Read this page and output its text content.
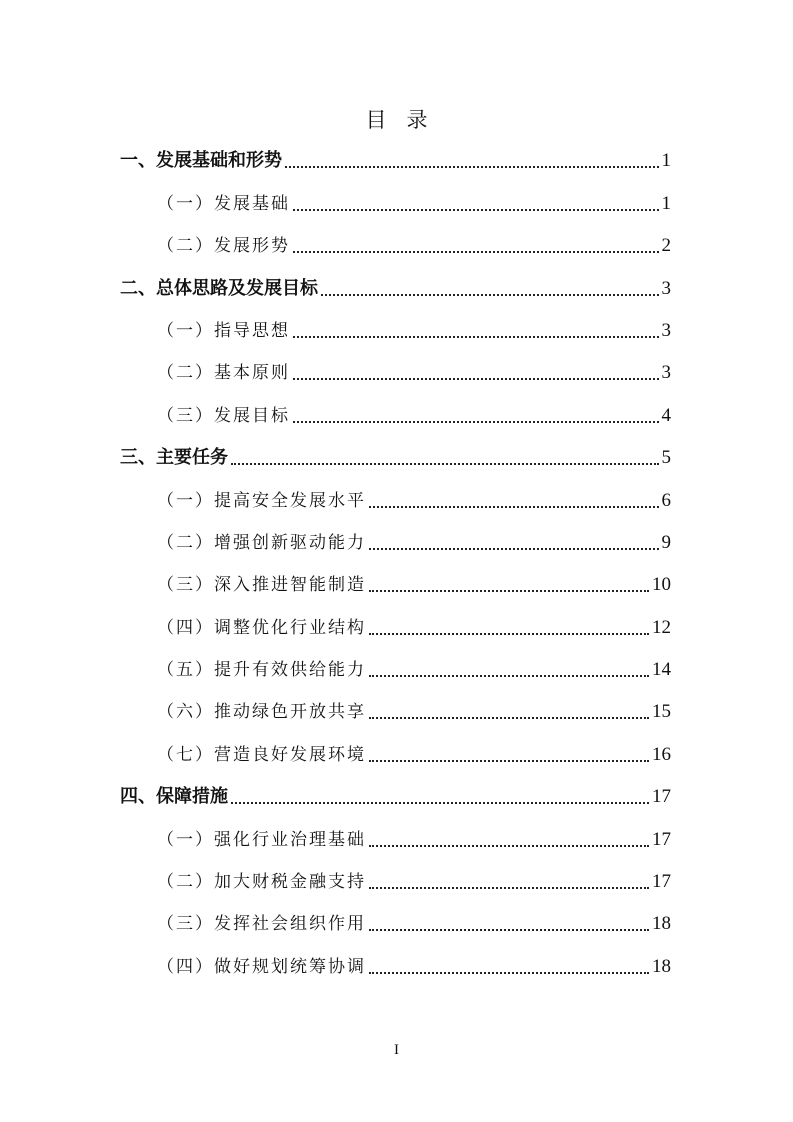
目录
一、发展基础和形势	1
（一）发展基础	1
（二）发展形势	2
二、总体思路及发展目标	3
（一）指导思想	3
（二）基本原则	3
（三）发展目标	4
三、主要任务	5
（一）提高安全发展水平	6
（二）增强创新驱动能力	9
（三）深入推进智能制造	10
（四）调整优化行业结构	12
（五）提升有效供给能力	14
（六）推动绿色开放共享	15
（七）营造良好发展环境	16
四、保障措施	17
（一）强化行业治理基础	17
（二）加大财税金融支持	17
（三）发挥社会组织作用	18
（四）做好规划统筹协调	18
I
